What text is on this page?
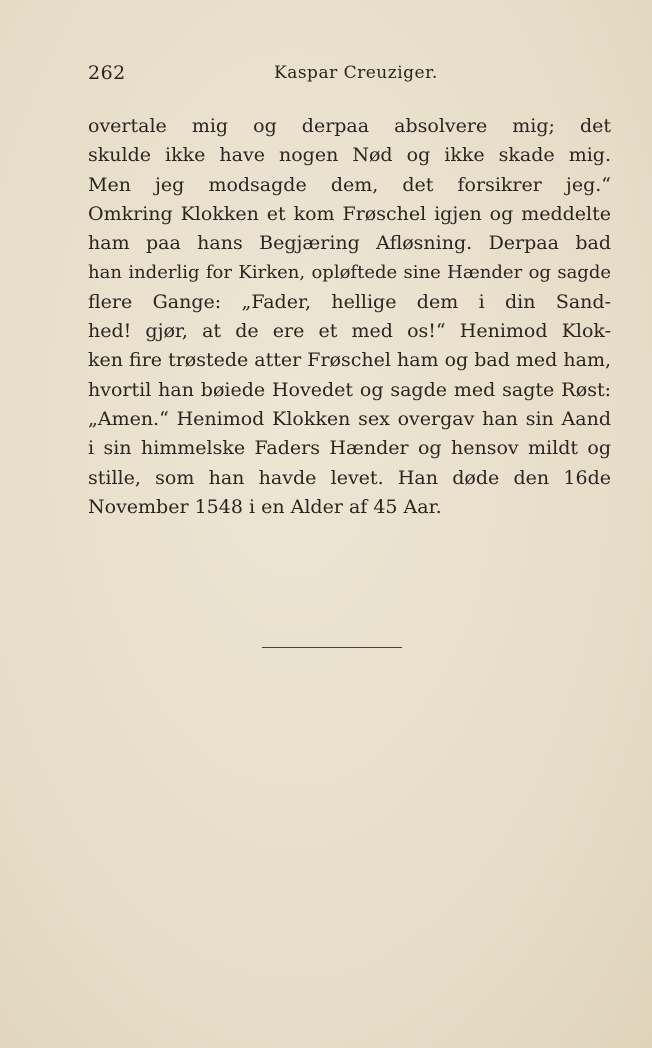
262	Kaspar Creuziger.
overtale mig og derpaa absolvere mig; det
skulde ikke have nogen Nød og ikke skade mig.
Men jeg modsagde dem, det forsikrer jeg.“
Omkring Klokken et kom Frøschel igjen og meddelte
ham paa hans Begjæring Afløsning. Derpaa bad
han inderlig for Kirken, opløftede sine Hænder og sagde
flere Gange: „Fader, hellige dem i din Sand-
hed! gjør, at de ere et med os!“ Henimod Klok-
ken fire trøstede atter Frøschel ham og bad med ham,
hvortil han bøiede Hovedet og sagde med sagte Røst:
„Amen.“ Henimod Klokken sex overgav han sin Aand
i sin himmelske Faders Hænder og hensov mildt og
stille, som han havde levet. Han døde den 16de
November 1548 i en Alder af 45 Aar.
